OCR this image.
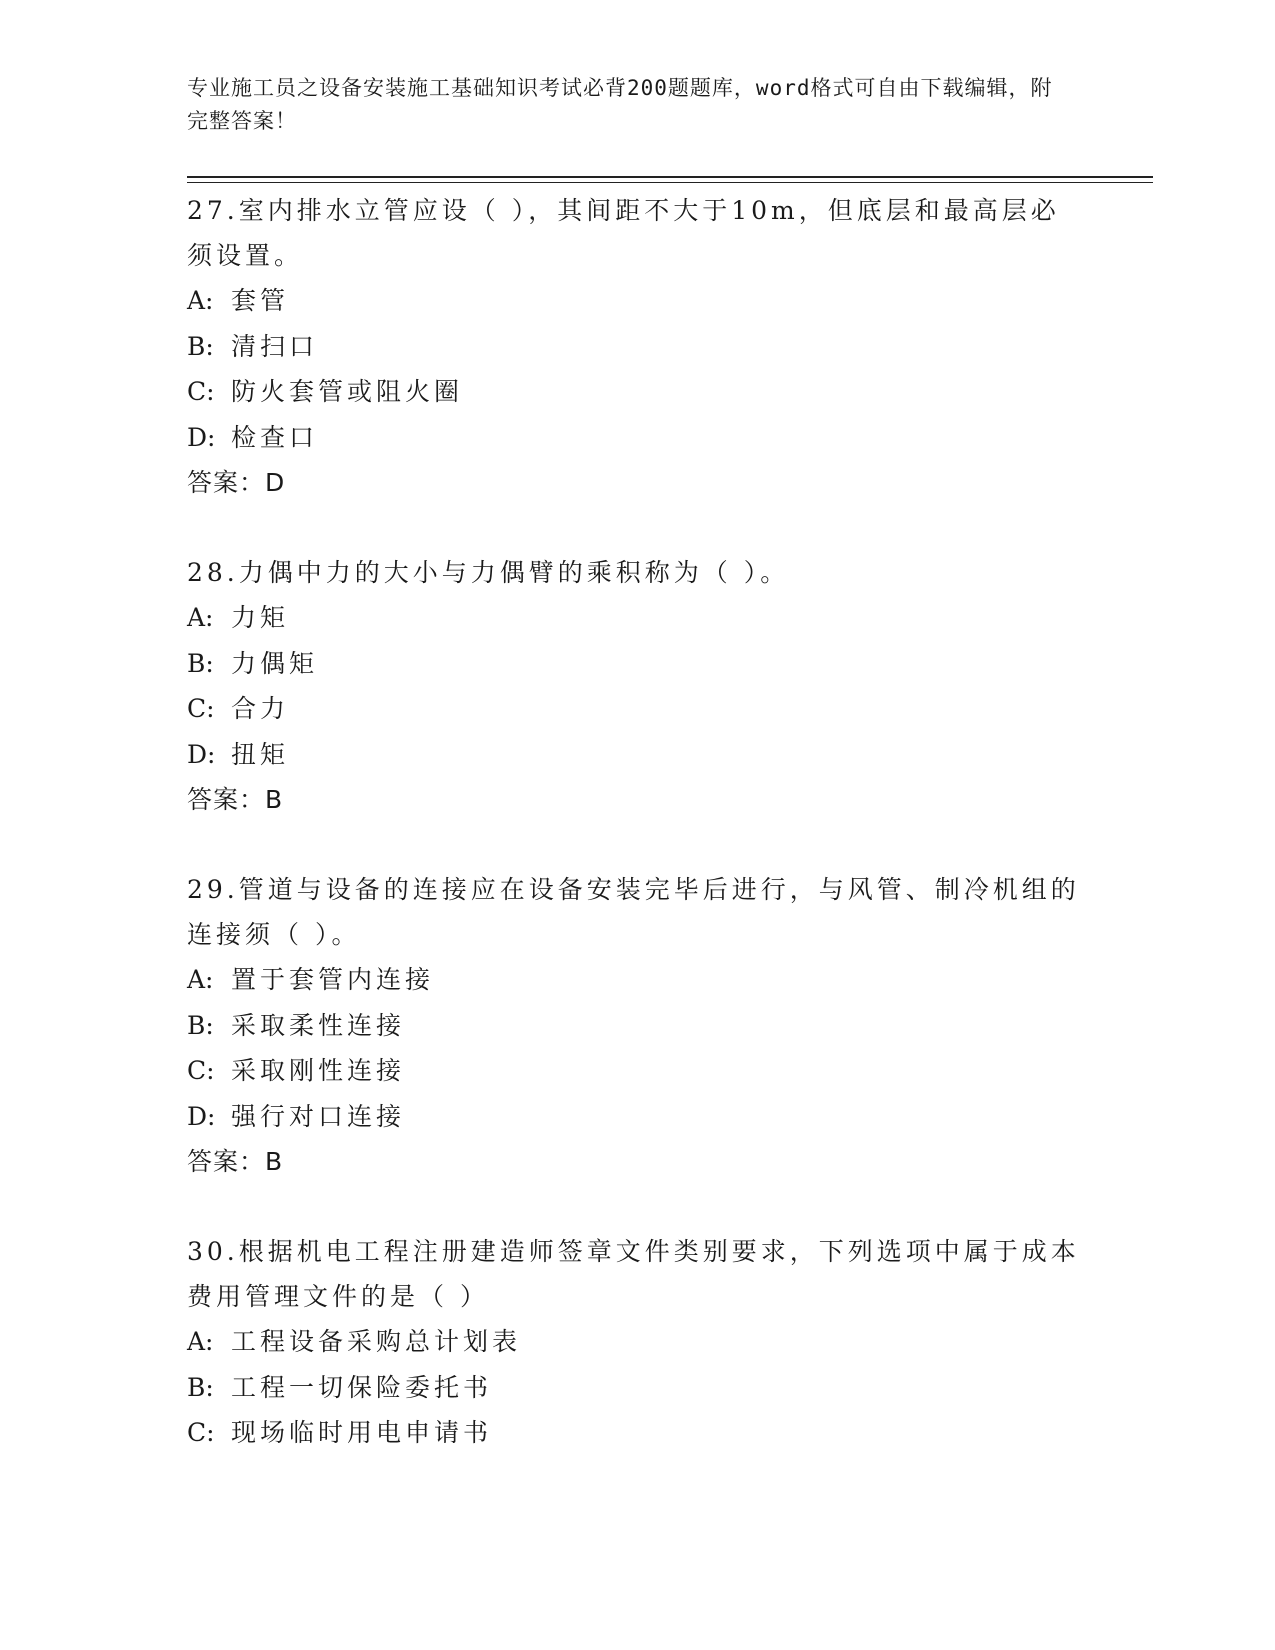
专业施工员之设备安装施工基础知识考试必背200题题库，word格式可自由下载编辑，附完整答案！

27.室内排水立管应设（ ），其间距不大于10m，但底层和最高层必须设置。

A: 套管

B: 清扫口

C: 防火套管或阻火圈

D: 检查口

答案：D

28.力偶中力的大小与力偶臂的乘积称为（ ）。

A: 力矩

B: 力偶矩

C: 合力

D: 扭矩

答案：B

29.管道与设备的连接应在设备安装完毕后进行，与风管、制冷机组的连接须（ ）。

A: 置于套管内连接

B: 采取柔性连接

C: 采取刚性连接

D: 强行对口连接

答案：B

30.根据机电工程注册建造师签章文件类别要求，下列选项中属于成本费用管理文件的是（ ）

A: 工程设备采购总计划表

B: 工程一切保险委托书

C: 现场临时用电申请书
